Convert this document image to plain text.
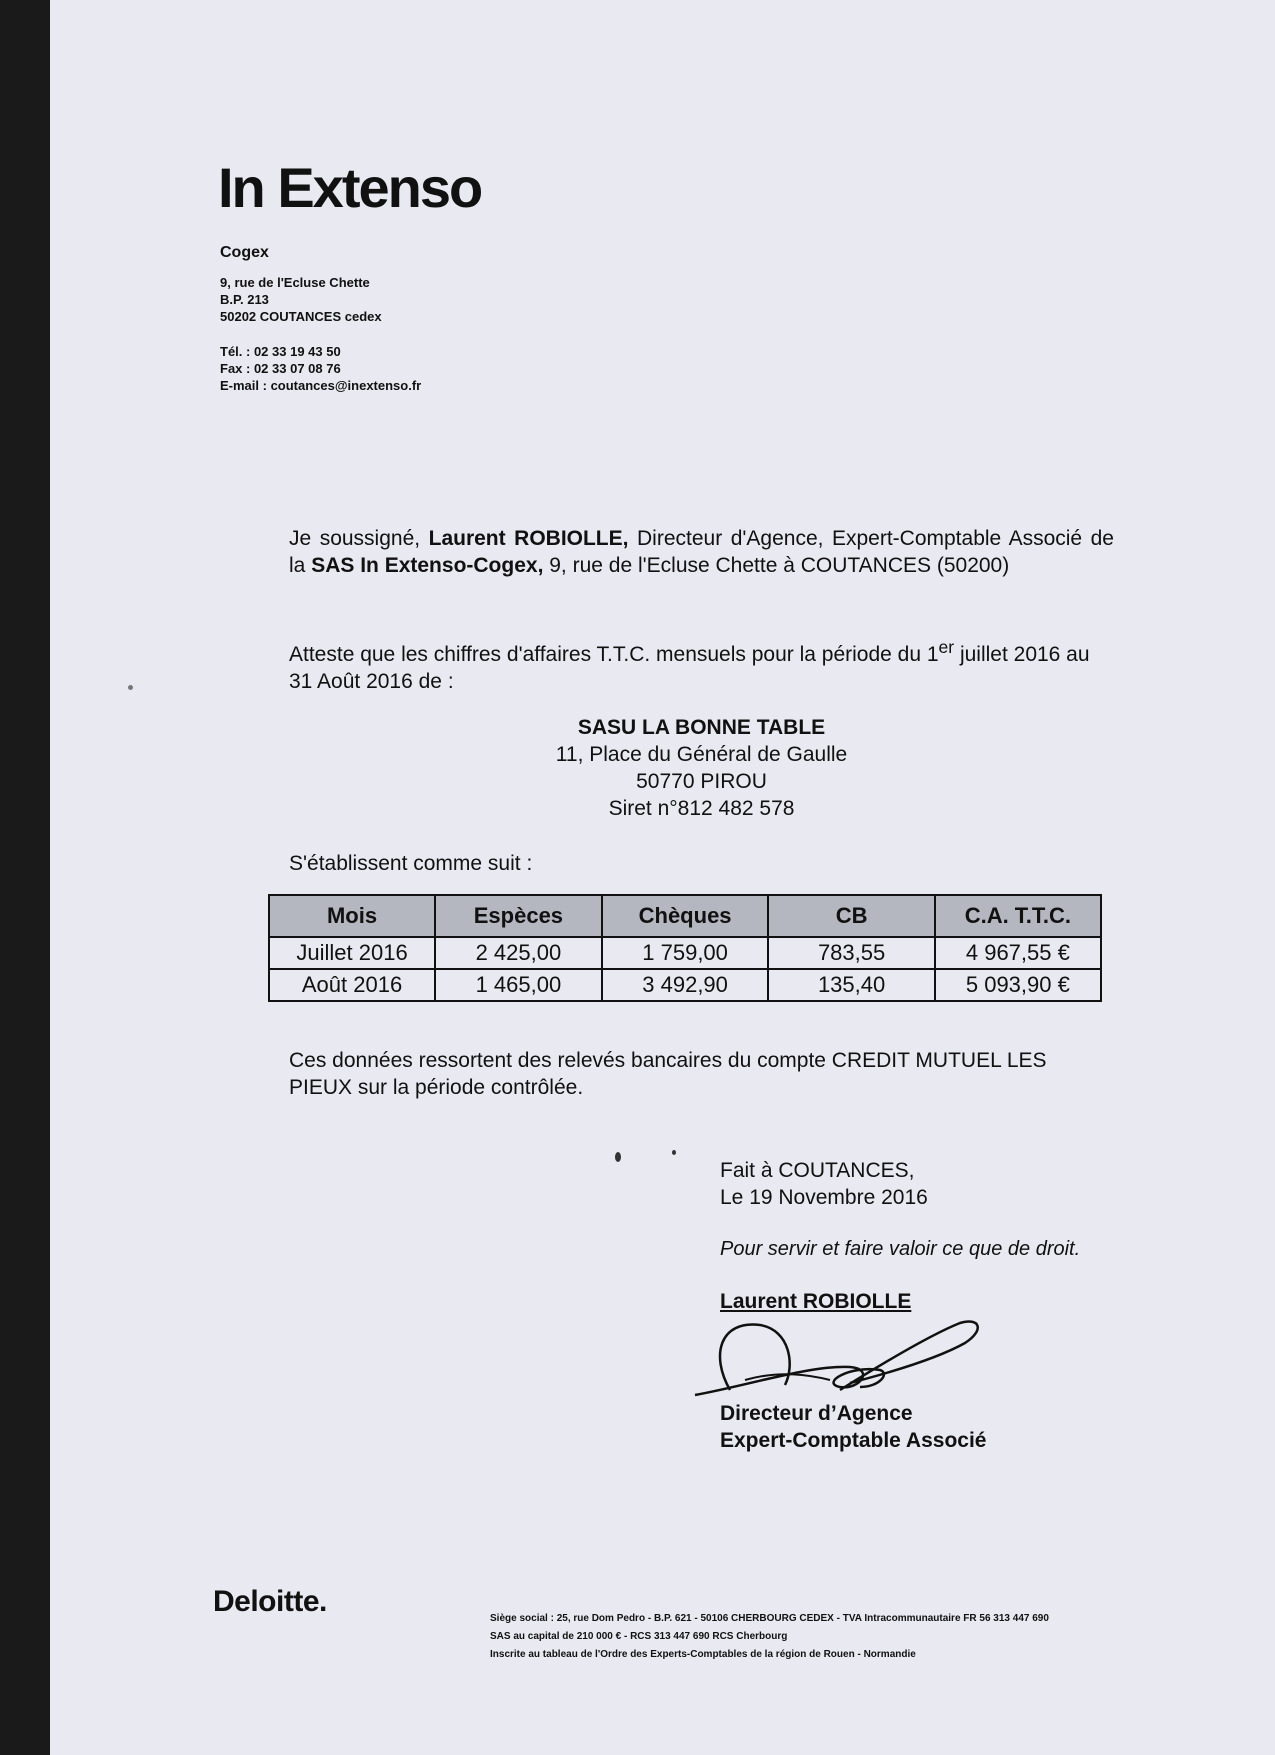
In Extenso
Cogex
9, rue de l'Ecluse Chette
B.P. 213
50202 COUTANCES cedex
Tél. : 02 33 19 43 50
Fax : 02 33 07 08 76
E-mail : coutances@inextenso.fr
Je soussigné, Laurent ROBIOLLE, Directeur d'Agence, Expert-Comptable Associé de la SAS In Extenso-Cogex, 9, rue de l'Ecluse Chette à COUTANCES (50200)
Atteste que les chiffres d'affaires T.T.C. mensuels pour la période du 1er juillet 2016 au 31 Août 2016 de :
SASU LA BONNE TABLE
11, Place du Général de Gaulle
50770 PIROU
Siret n°812 482 578
S'établissent comme suit :
Mois	Espèces	Chèques	CB	C.A. T.T.C.
Juillet 2016	2 425,00	1 759,00	783,55	4 967,55 €
Août 2016	1 465,00	3 492,90	135,40	5 093,90 €
Ces données ressortent des relevés bancaires du compte CREDIT MUTUEL LES PIEUX sur la période contrôlée.
Fait à COUTANCES,
Le 19 Novembre 2016
Pour servir et faire valoir ce que de droit.
Laurent ROBIOLLE
Directeur d’Agence
Expert-Comptable Associé
Deloitte.
Siège social : 25, rue Dom Pedro - B.P. 621 - 50106 CHERBOURG CEDEX - TVA Intracommunautaire FR 56 313 447 690
SAS au capital de 210 000 € - RCS 313 447 690 RCS Cherbourg
Inscrite au tableau de l'Ordre des Experts-Comptables de la région de Rouen - Normandie
